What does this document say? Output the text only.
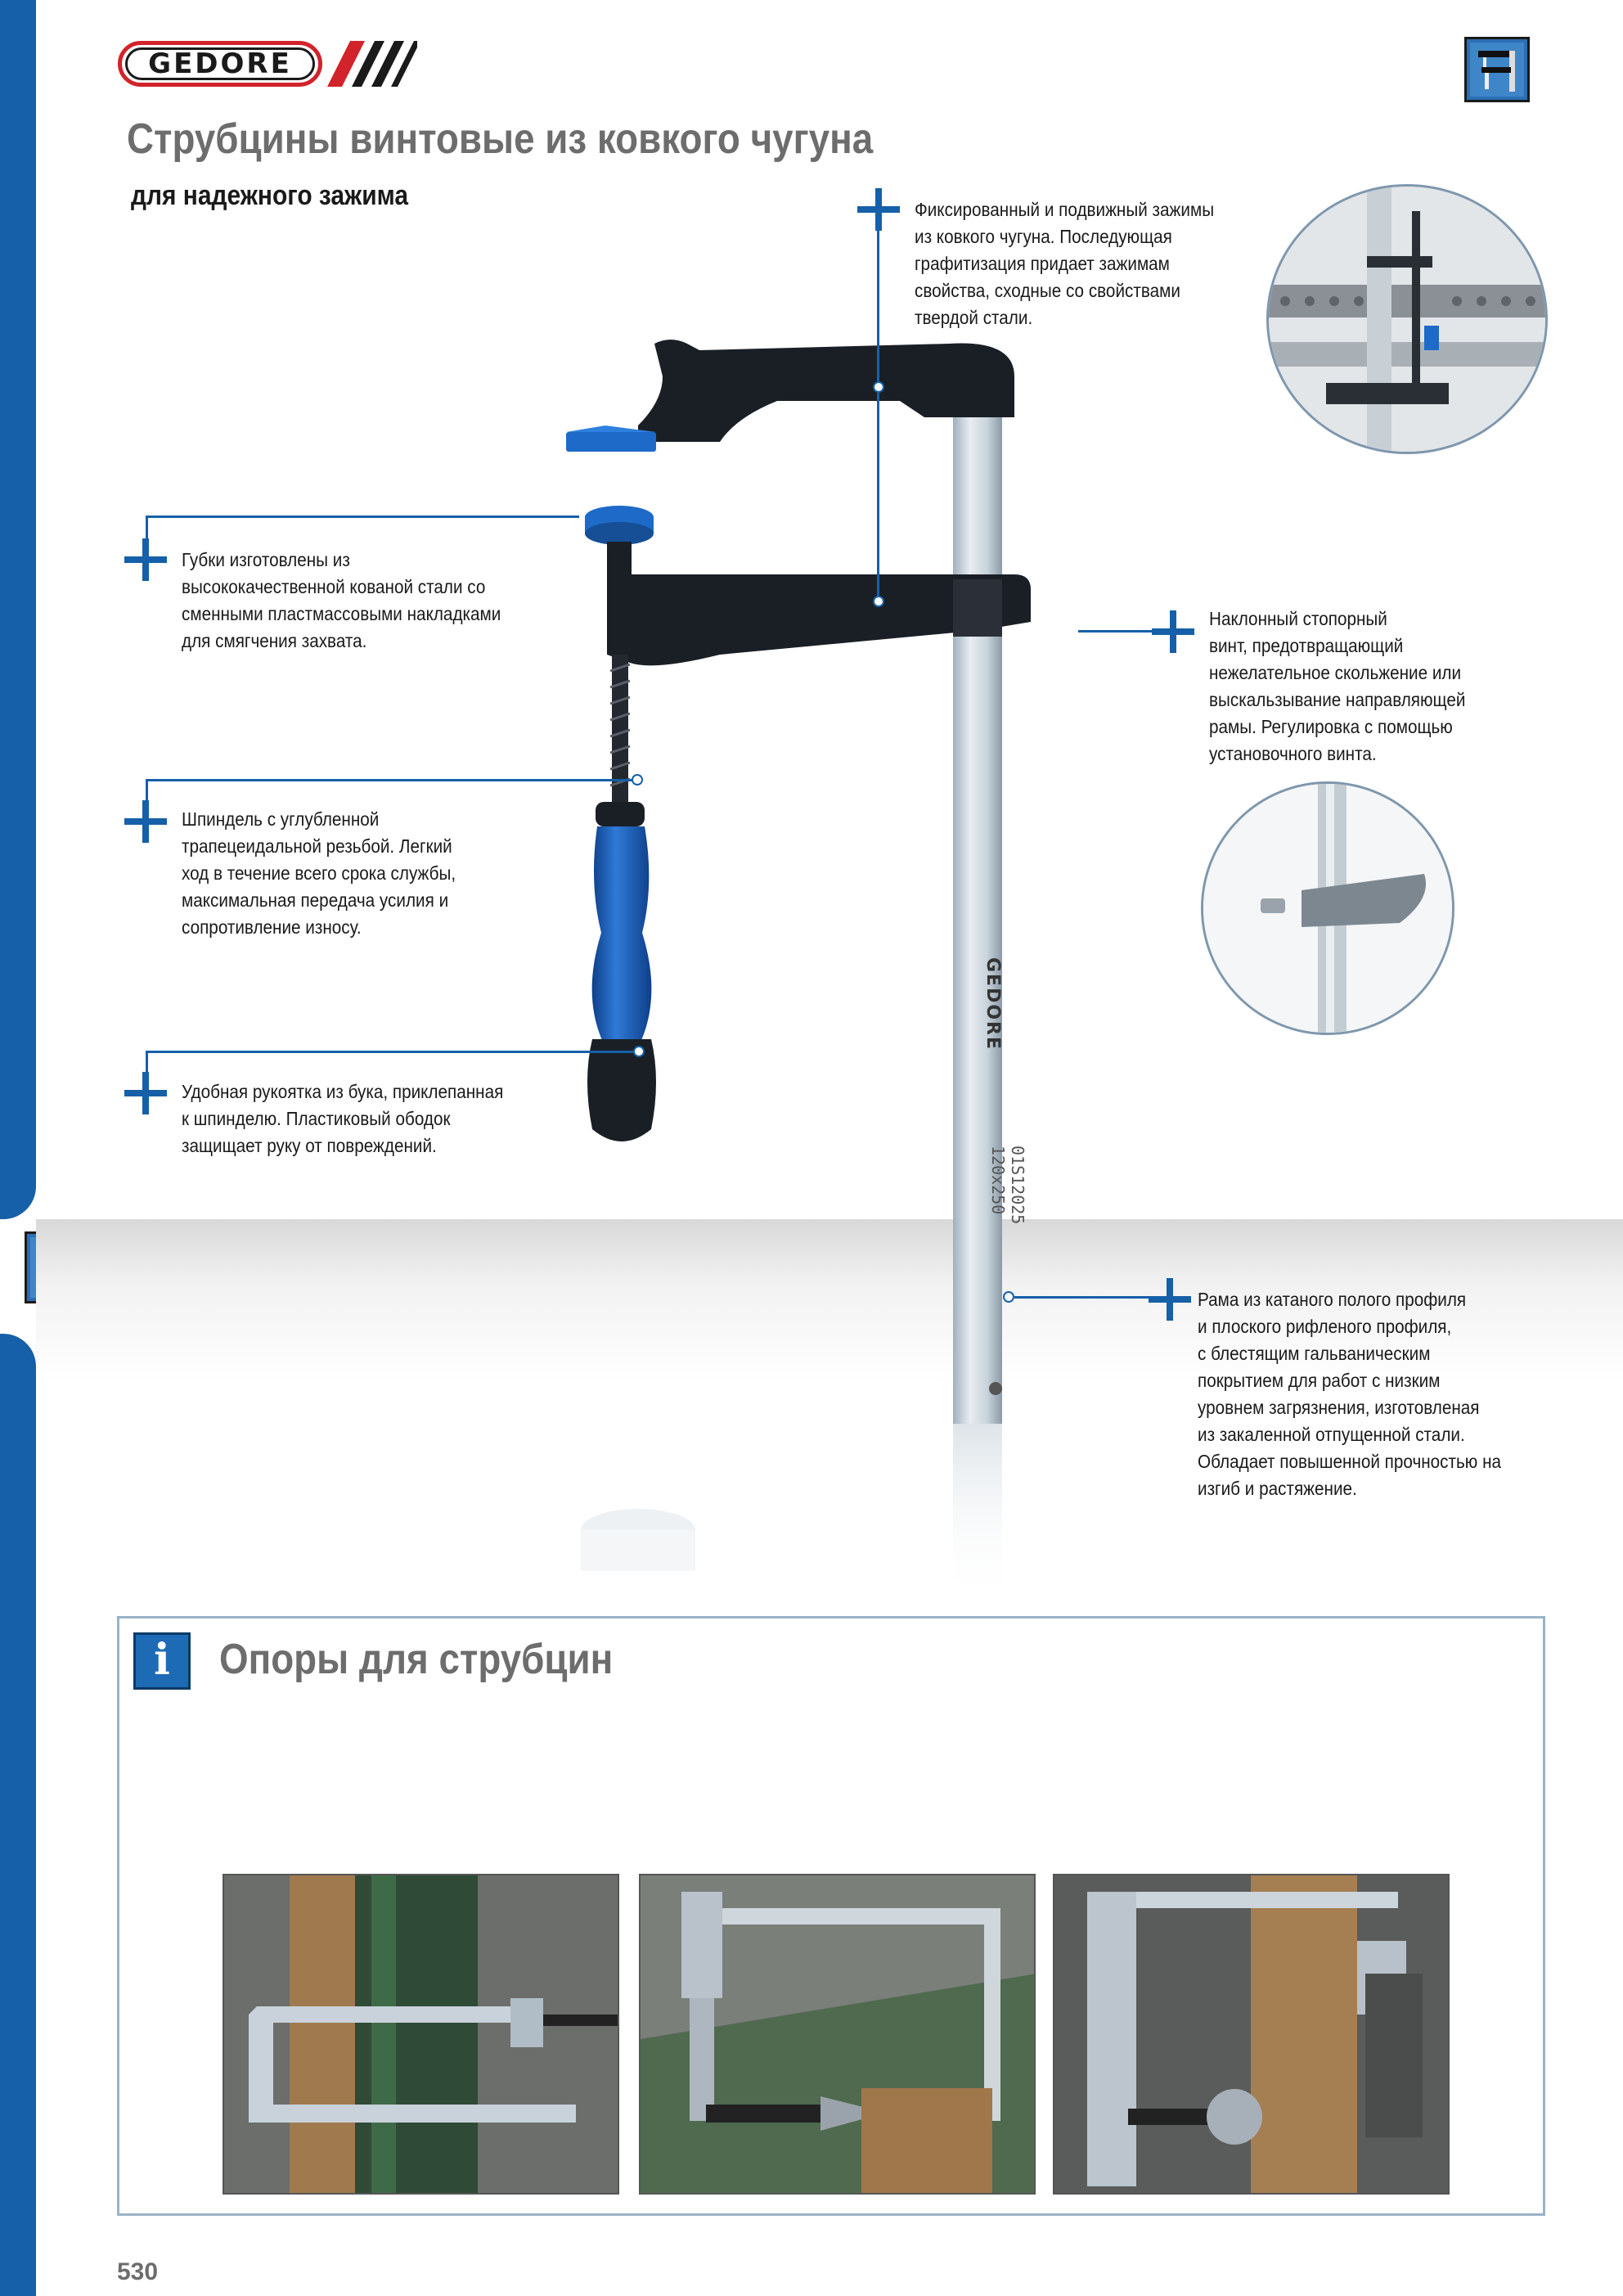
GEDORE
Струбцины винтовые из ковкого чугуна
для надежного зажима
GEDORE
01S12025
120x250
Фиксированный и подвижный зажимы
из ковкого чугуна. Последующая
графитизация придает зажимам
свойства, сходные со свойствами
твердой стали.
Губки изготовлены из
высококачественной кованой стали со
сменными пластмассовыми накладками
для смягчения захвата.
Наклонный стопорный
винт, предотвращающий
нежелательное скольжение или
выскальзывание направляющей
рамы. Регулировка с помощью
установочного винта.
Шпиндель с углубленной
трапецеидальной резьбой. Легкий
ход в течение всего срока службы,
максимальная передача усилия и
сопротивление износу.
Удобная рукоятка из бука, приклепанная
к шпинделю. Пластиковый ободок
защищает руку от повреждений.
Рама из катаного полого профиля
и плоского рифленого профиля,
с блестящим гальваническим
покрытием для работ с низким
уровнем загрязнения, изготовленая
из закаленной отпущенной стали.
Обладает повышенной прочностью на
изгиб и растяжение.
i	Опоры для струбцин
530
